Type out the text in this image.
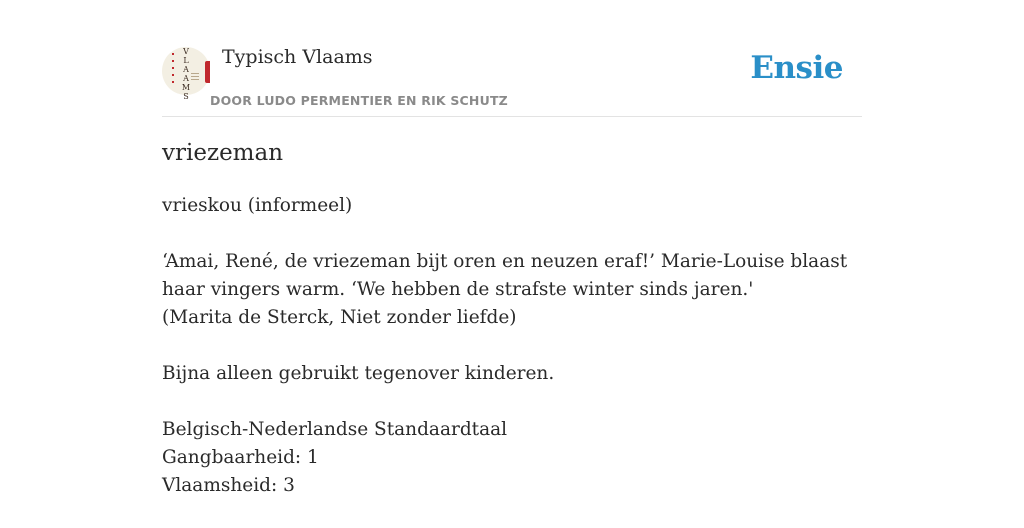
V
L
A
A
M
S
Typisch Vlaams
DOOR LUDO PERMENTIER EN RIK SCHUTZ
Ensie
vriezeman

vrieskou (informeel)

‘Amai, René, de vriezeman bijt oren en neuzen eraf!’ Marie-Louise blaast haar vingers warm. ‘We hebben de strafste winter sinds jaren.'
(Marita de Sterck, Niet zonder liefde)

Bijna alleen gebruikt tegenover kinderen.

Belgisch-Nederlandse Standaardtaal
Gangbaarheid: 1
Vlaamsheid: 3
